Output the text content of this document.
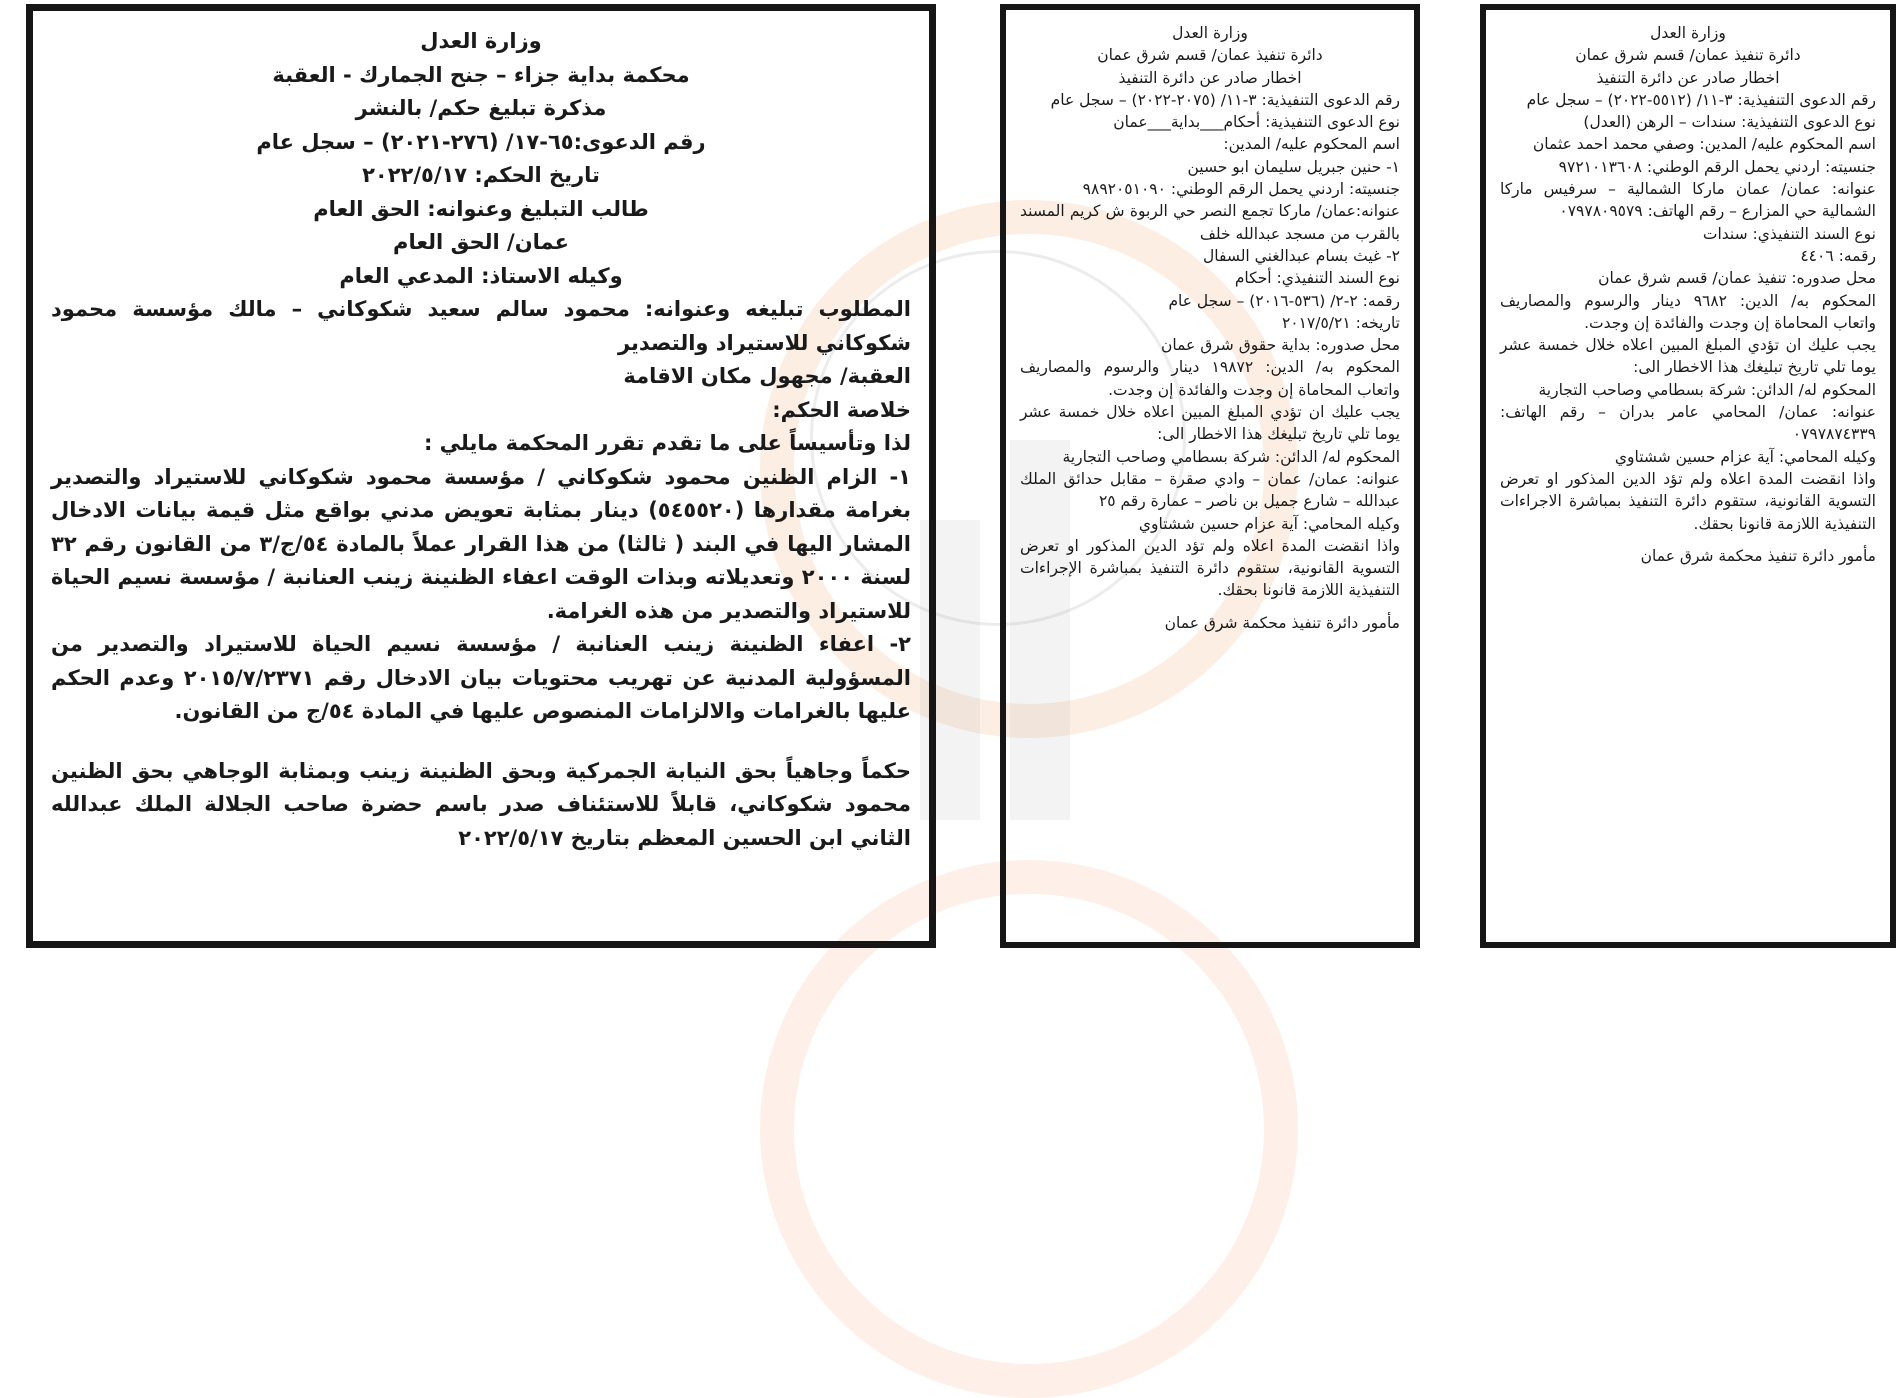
وزارة العدل
محكمة بداية جزاء – جنح الجمارك - العقبة
مذكرة تبليغ حكم/ بالنشر
رقم الدعوى:٦٥-١٧/ (٢٧٦-٢٠٢١) – سجل عام
تاريخ الحكم: ٢٠٢٢/٥/١٧
طالب التبليغ وعنوانه: الحق العام
عمان/ الحق العام
وكيله الاستاذ: المدعي العام

المطلوب تبليغه وعنوانه: محمود سالم سعيد شكوكاني – مالك مؤسسة محمود شكوكاني للاستيراد والتصدير

العقبة/ مجهول مكان الاقامة

خلاصة الحكم:

لذا وتأسيساً على ما تقدم تقرر المحكمة مايلي :

١- الزام الظنين محمود شكوكاني / مؤسسة محمود شكوكاني للاستيراد والتصدير بغرامة مقدارها (٥٤٥٥٢٠) دينار بمثابة تعويض مدني بواقع مثل قيمة بيانات الادخال المشار اليها في البند ( ثالثا) من هذا القرار عملاً بالمادة ٥٤/ج/٣ من القانون رقم ٣٢ لسنة ٢٠٠٠ وتعديلاته وبذات الوقت اعفاء الظنينة زينب العنانبة / مؤسسة نسيم الحياة للاستيراد والتصدير من هذه الغرامة.

٢- اعفاء الظنينة زينب العنانبة / مؤسسة نسيم الحياة للاستيراد والتصدير من المسؤولية المدنية عن تهريب محتويات بيان الادخال رقم ٢٠١٥/٧/٢٣٧١ وعدم الحكم عليها بالغرامات والالزامات المنصوص عليها في المادة ٥٤/ج من القانون.

حكماً وجاهياً بحق النيابة الجمركية وبحق الظنينة زينب وبمثابة الوجاهي بحق الظنين محمود شكوكاني، قابلاً للاستئناف صدر باسم حضرة صاحب الجلالة الملك عبدالله الثاني ابن الحسين المعظم بتاريخ ٢٠٢٢/٥/١٧

وزارة العدل
دائرة تنفيذ عمان/ قسم شرق عمان
اخطار صادر عن دائرة التنفيذ

رقم الدعوى التنفيذية: ٣-١١/ (٢٠٧٥-٢٠٢٢) – سجل عام

نوع الدعوى التنفيذية: أحكام___بداية___عمان

اسم المحكوم عليه/ المدين:

١- حنين جبريل سليمان ابو حسين

جنسيته: اردني يحمل الرقم الوطني: ٩٨٩٢٠٥١٠٩٠

عنوانه:عمان/ ماركا تجمع النصر حي الربوة ش كريم المسند بالقرب من مسجد عبدالله خلف

٢- غيث بسام عبدالغني السفال

نوع السند التنفيذي: أحكام

رقمه: ٢-٢/ (٥٣٦-٢٠١٦) – سجل عام

تاريخه: ٢٠١٧/٥/٢١

محل صدوره: بداية حقوق شرق عمان

المحكوم به/ الدين: ١٩٨٧٢ دينار والرسوم والمصاريف واتعاب المحاماة إن وجدت والفائدة إن وجدت.

يجب عليك ان تؤدي المبلغ المبين اعلاه خلال خمسة عشر يوما تلي تاريخ تبليغك هذا الاخطار الى:

المحكوم له/ الدائن: شركة بسطامي وصاحب التجارية

عنوانه: عمان/ عمان – وادي صقرة – مقابل حدائق الملك عبدالله – شارع جميل بن ناصر – عمارة رقم ٢٥

وكيله المحامي: آية عزام حسين ششتاوي

واذا انقضت المدة اعلاه ولم تؤد الدين المذكور او تعرض التسوية القانونية، ستقوم دائرة التنفيذ بمباشرة الإجراءات التنفيذية اللازمة قانونا بحقك.

مأمور دائرة تنفيذ محكمة شرق عمان
وزارة العدل
دائرة تنفيذ عمان/ قسم شرق عمان
اخطار صادر عن دائرة التنفيذ

رقم الدعوى التنفيذية: ٣-١١/ (٥٥١٢-٢٠٢٢) – سجل عام

نوع الدعوى التنفيذية: سندات – الرهن (العدل)

اسم المحكوم عليه/ المدين: وصفي محمد احمد عثمان

جنسيته: اردني يحمل الرقم الوطني: ٩٧٢١٠١٣٦٠٨

عنوانه: عمان/ عمان ماركا الشمالية – سرفيس ماركا الشمالية حي المزارع – رقم الهاتف: ٠٧٩٧٨٠٩٥٧٩

نوع السند التنفيذي: سندات

رقمه: ٤٤٠٦

محل صدوره: تنفيذ عمان/ قسم شرق عمان

المحكوم به/ الدين: ٩٦٨٢ دينار والرسوم والمصاريف واتعاب المحاماة إن وجدت والفائدة إن وجدت.

يجب عليك ان تؤدي المبلغ المبين اعلاه خلال خمسة عشر يوما تلي تاريخ تبليغك هذا الاخطار الى:

المحكوم له/ الدائن: شركة بسطامي وصاحب التجارية

عنوانه: عمان/ المحامي عامر بدران – رقم الهاتف: ٠٧٩٧٨٧٤٣٣٩

وكيله المحامي: آية عزام حسين ششتاوي

واذا انقضت المدة اعلاه ولم تؤد الدين المذكور او تعرض التسوية القانونية، ستقوم دائرة التنفيذ بمباشرة الاجراءات التنفيذية اللازمة قانونا بحقك.

مأمور دائرة تنفيذ محكمة شرق عمان
